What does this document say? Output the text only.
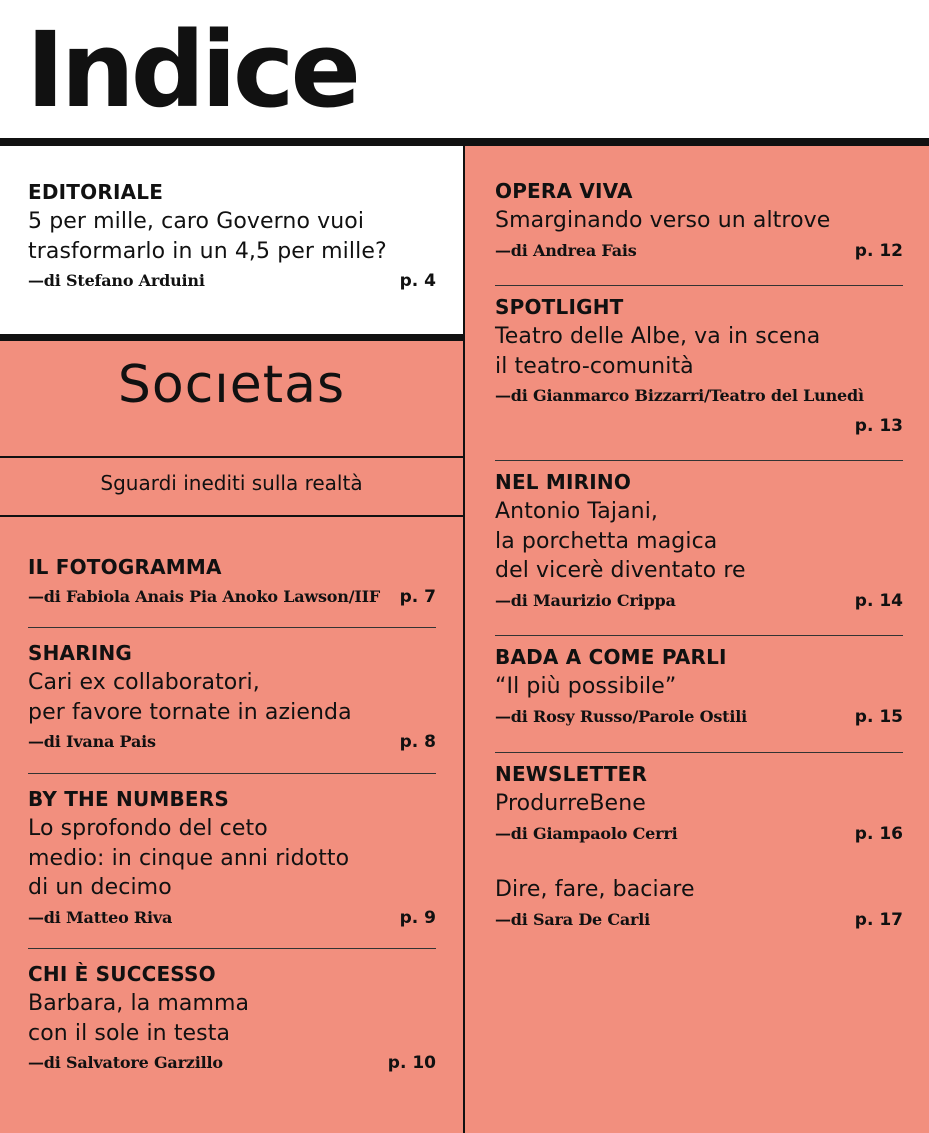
Indice
EDITORIALE
5 per mille, caro Governo vuoi
trasformarlo in un 4,5 per mille?
—di Stefano Arduini	p. 4
Socıetas
Sguardi inediti sulla realtà
IL FOTOGRAMMA
—di Fabiola Anais Pia Anoko Lawson/IIF p. 7
SHARING
Cari ex collaboratori,
per favore tornate in azienda
—di Ivana Pais	p. 8
BY THE NUMBERS
Lo sprofondo del ceto
medio: in cinque anni ridotto
di un decimo
—di Matteo Riva	p. 9
CHI È SUCCESSO
Barbara, la mamma
con il sole in testa
—di Salvatore Garzillo	p. 10
OPERA VIVA
Smarginando verso un altrove
—di Andrea Fais	p. 12
SPOTLIGHT
Teatro delle Albe, va in scena
il teatro-comunità
—di Gianmarco Bizzarri/Teatro del Lunedì
p. 13
NEL MIRINO
Antonio Tajani,
la porchetta magica
del vicerè diventato re
—di Maurizio Crippa	p. 14
BADA A COME PARLI
“Il più possibile”
—di Rosy Russo/Parole Ostili	p. 15
NEWSLETTER
ProdurreBene
—di Giampaolo Cerri	p. 16
Dire, fare, baciare
—di Sara De Carli	p. 17
